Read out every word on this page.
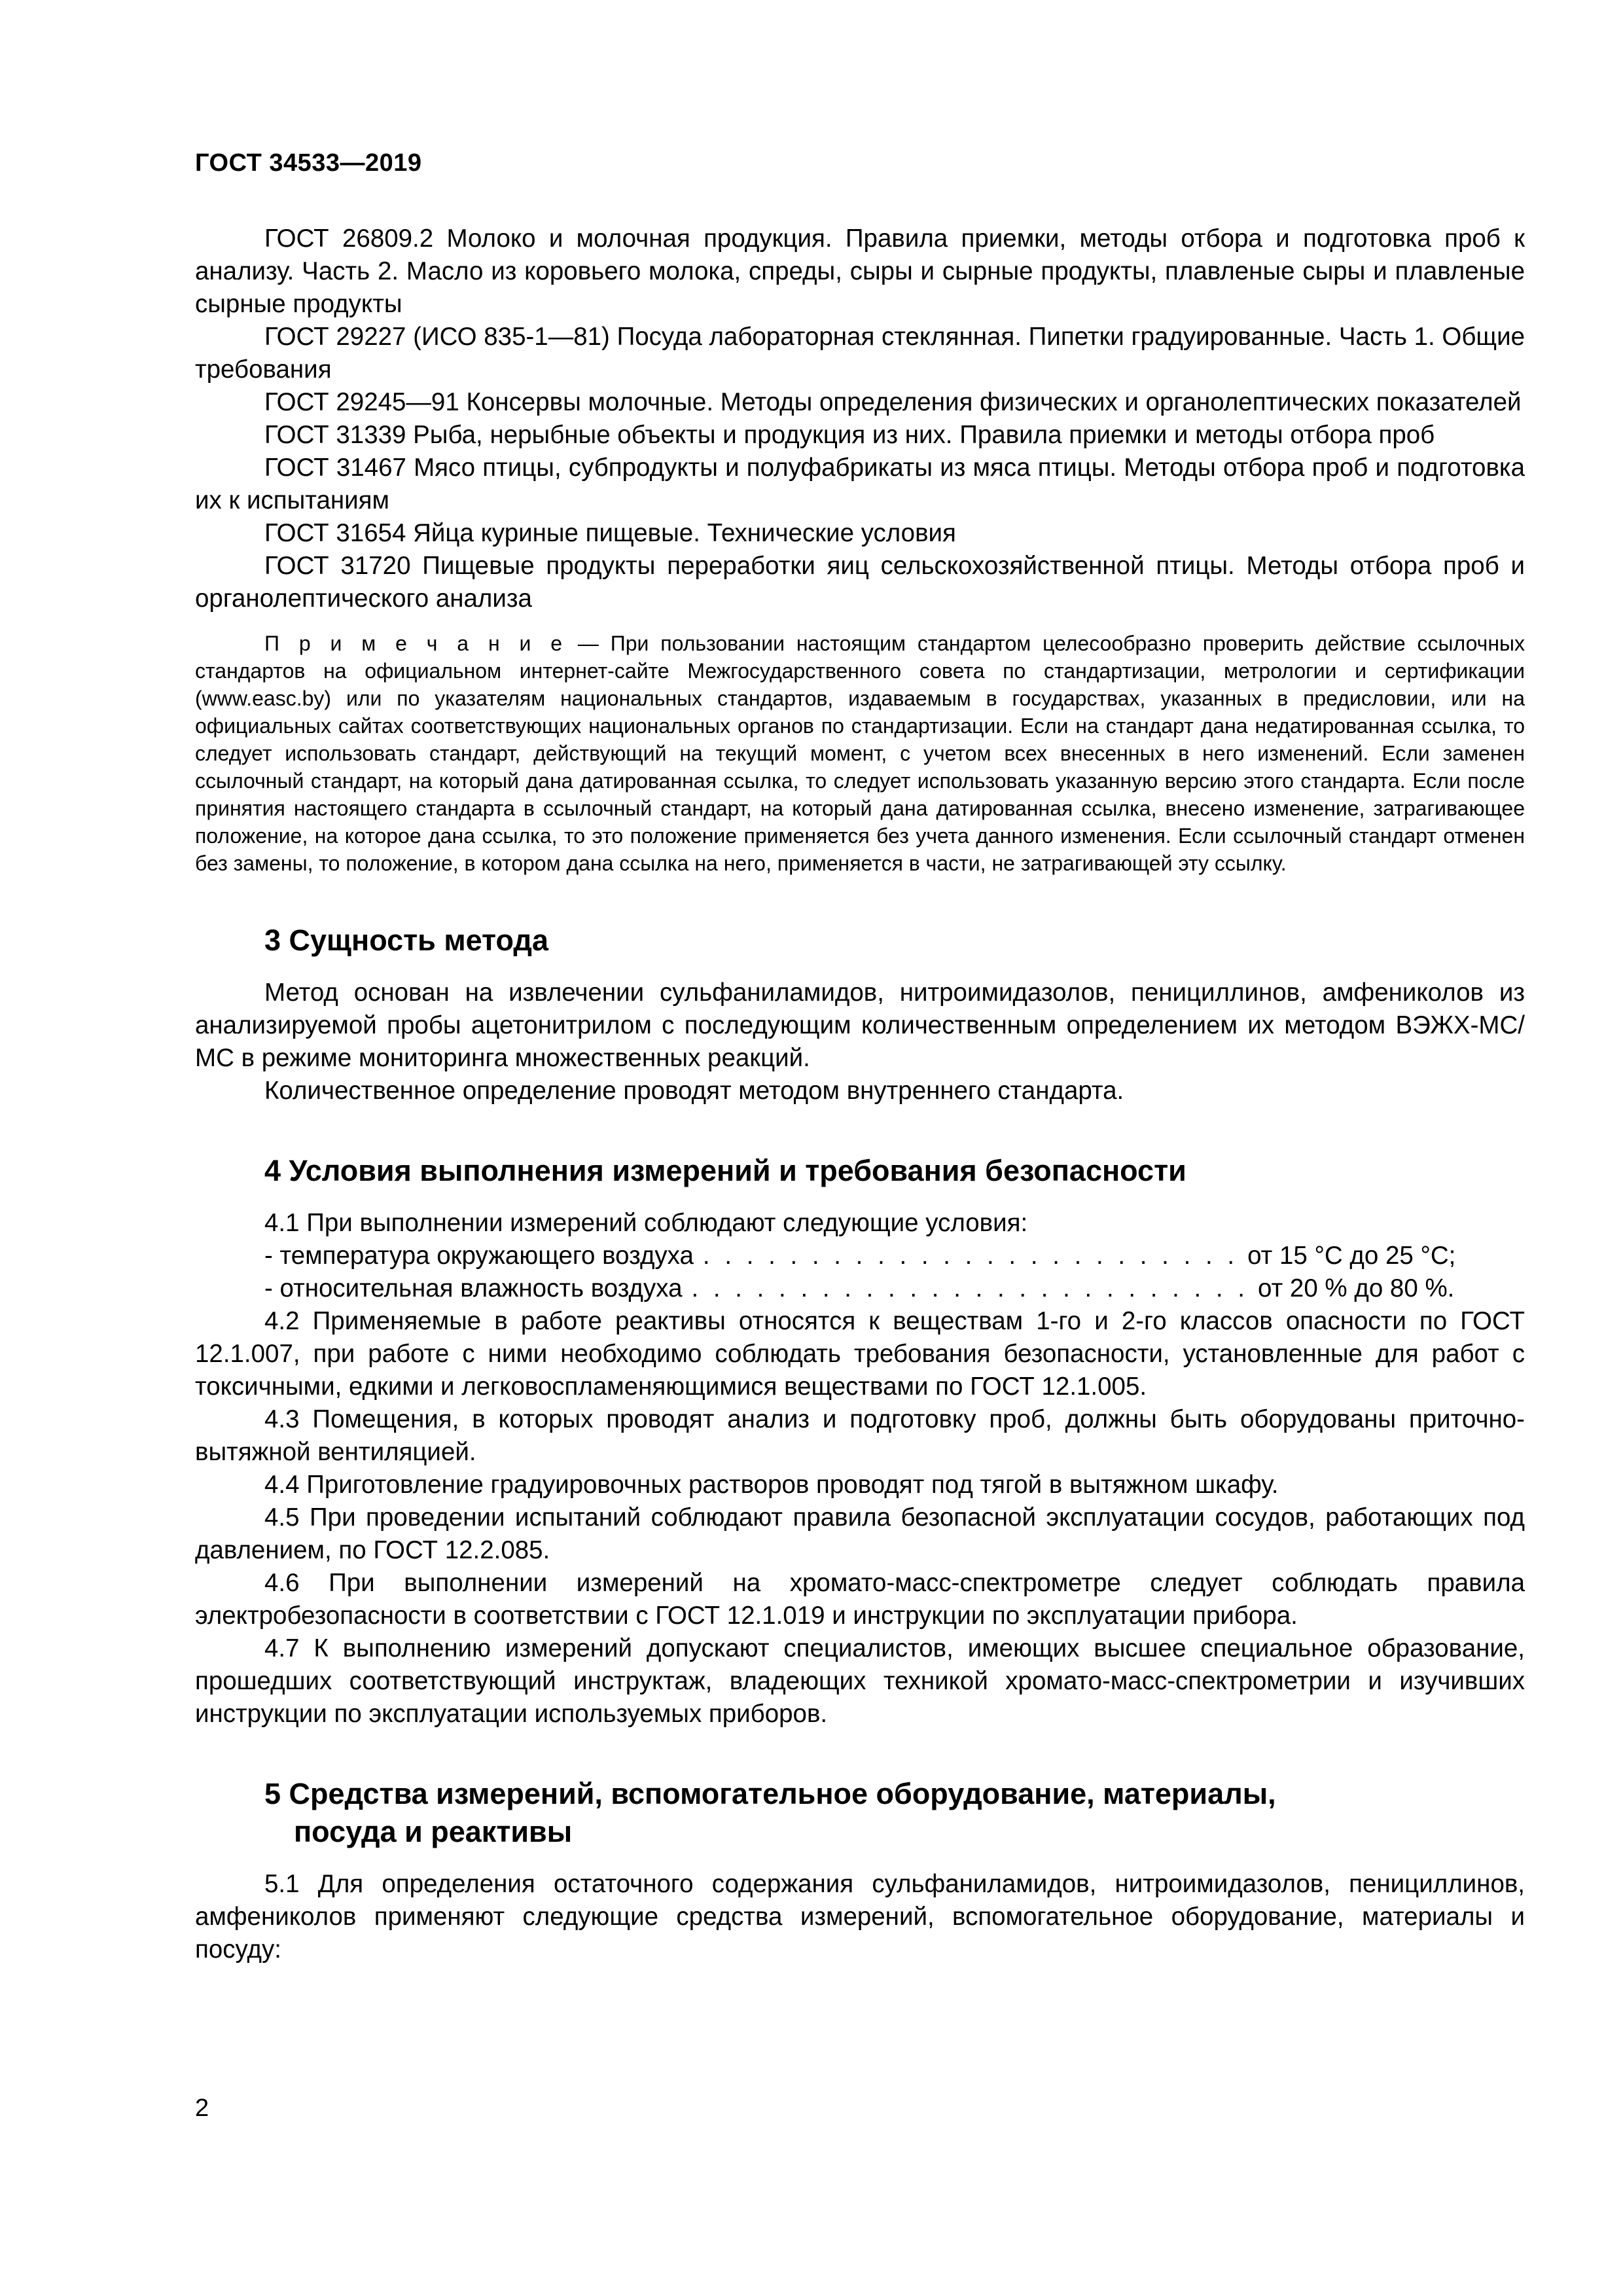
ГОСТ 34533—2019

ГОСТ 26809.2 Молоко и молочная продукция. Правила приемки, методы отбора и подготовка проб к анализу. Часть 2. Масло из коровьего молока, спреды, сыры и сырные продукты, плавленые сыры и плавленые сырные продукты

ГОСТ 29227 (ИСО 835-1—81) Посуда лабораторная стеклянная. Пипетки градуированные. Часть 1. Общие требования

ГОСТ 29245—91 Консервы молочные. Методы определения физических и органолептических показателей

ГОСТ 31339 Рыба, нерыбные объекты и продукция из них. Правила приемки и методы отбора проб

ГОСТ 31467 Мясо птицы, субпродукты и полуфабрикаты из мяса птицы. Методы отбора проб и подготовка их к испытаниям

ГОСТ 31654 Яйца куриные пищевые. Технические условия

ГОСТ 31720 Пищевые продукты переработки яиц сельскохозяйственной птицы. Методы отбора проб и органолептического анализа

П р и м е ч а н и е — При пользовании настоящим стандартом целесообразно проверить действие ссылочных стандартов на официальном интернет-сайте Межгосударственного совета по стандартизации, метрологии и сертификации (www.easc.by) или по указателям национальных стандартов, издаваемым в государствах, указанных в предисловии, или на официальных сайтах соответствующих национальных органов по стандартизации. Если на стандарт дана недатированная ссылка, то следует использовать стандарт, действующий на текущий момент, с учетом всех внесенных в него изменений. Если заменен ссылочный стандарт, на который дана датированная ссылка, то следует использовать указанную версию этого стандарта. Если после принятия настоящего стандарта в ссылочный стандарт, на который дана датированная ссылка, внесено изменение, затрагивающее положение, на которое дана ссылка, то это положение применяется без учета данного изменения. Если ссылочный стандарт отменен без замены, то положение, в котором дана ссылка на него, применяется в части, не затрагивающей эту ссылку.

3 Сущность метода

Метод основан на извлечении сульфаниламидов, нитроимидазолов, пенициллинов, амфениколов из анализируемой пробы ацетонитрилом с последующим количественным определением их методом ВЭЖХ-МС/МС в режиме мониторинга множественных реакций.

Количественное определение проводят методом внутреннего стандарта.

4 Условия выполнения измерений и требования безопасности

4.1 При выполнении измерений соблюдают следующие условия:

- температура окружающего воздуха . . . . . . . . . . . . . . . . . . . . . . . . . от 15 °С до 25 °С;
- относительная влажность воздуха . . . . . . . . . . . . . . . . . . . . . . . . . . от 20 % до 80 %.

4.2 Применяемые в работе реактивы относятся к веществам 1-го и 2-го классов опасности по ГОСТ 12.1.007, при работе с ними необходимо соблюдать требования безопасности, установленные для работ с токсичными, едкими и легковоспламеняющимися веществами по ГОСТ 12.1.005.

4.3 Помещения, в которых проводят анализ и подготовку проб, должны быть оборудованы приточно-вытяжной вентиляцией.

4.4 Приготовление градуировочных растворов проводят под тягой в вытяжном шкафу.

4.5 При проведении испытаний соблюдают правила безопасной эксплуатации сосудов, работающих под давлением, по ГОСТ 12.2.085.

4.6 При выполнении измерений на хромато-масс-спектрометре следует соблюдать правила электробезопасности в соответствии с ГОСТ 12.1.019 и инструкции по эксплуатации прибора.

4.7 К выполнению измерений допускают специалистов, имеющих высшее специальное образование, прошедших соответствующий инструктаж, владеющих техникой хромато-масс-спектрометрии и изучивших инструкции по эксплуатации используемых приборов.

5 Средства измерений, вспомогательное оборудование, материалы,
посуда и реактивы

5.1 Для определения остаточного содержания сульфаниламидов, нитроимидазолов, пенициллинов, амфениколов применяют следующие средства измерений, вспомогательное оборудование, материалы и посуду:

2
